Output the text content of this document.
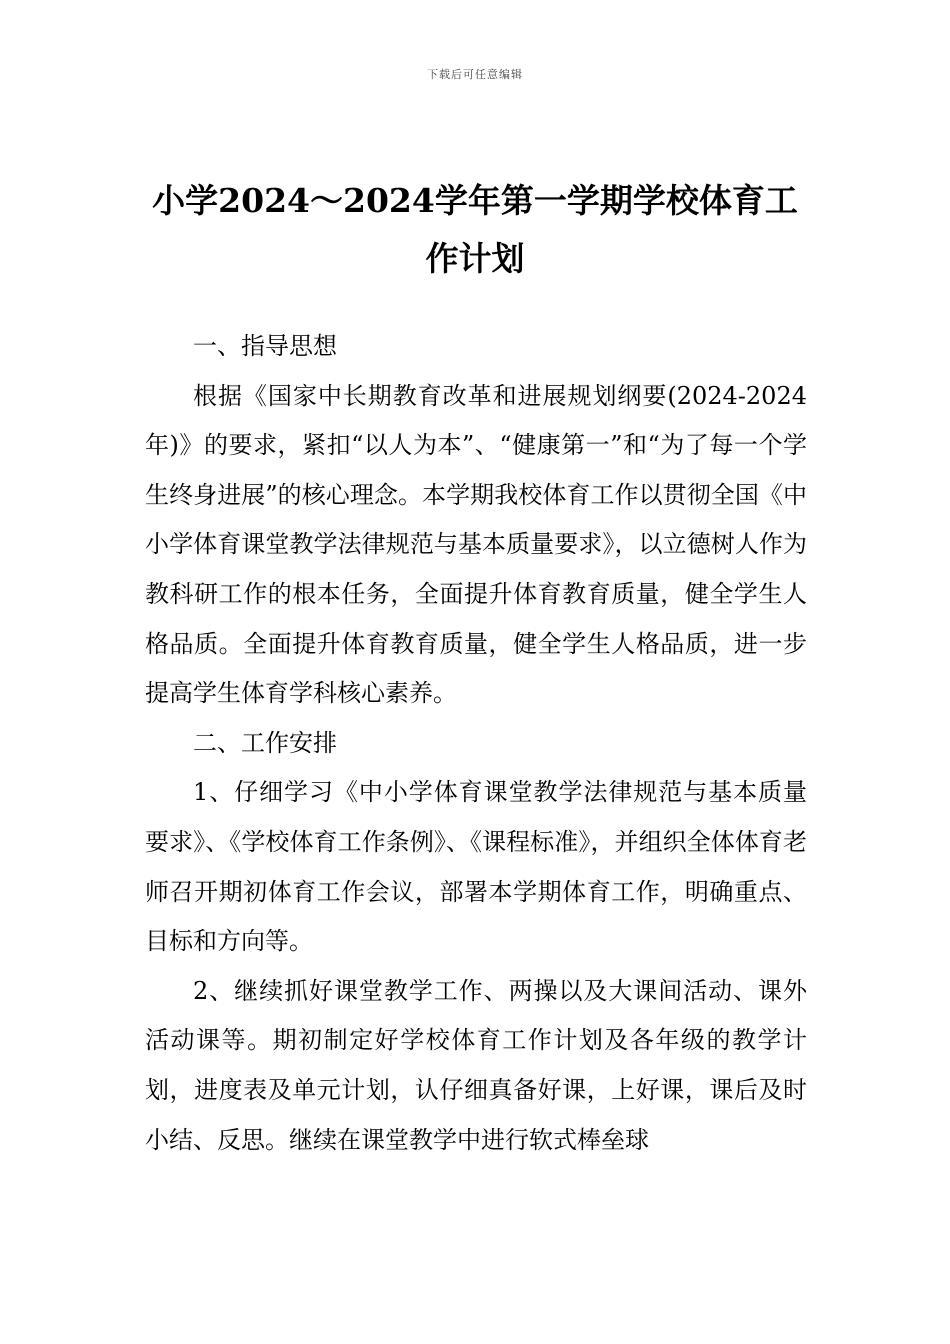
下载后可任意编辑
小学2024～2024学年第一学期学校体育工作计划

一、指导思想

根据《国家中长期教育改革和进展规划纲要(2024-2024年)》的要求，紧扣“以人为本”、“健康第一”和“为了每一个学生终身进展”的核心理念。本学期我校体育工作以贯彻全国《中小学体育课堂教学法律规范与基本质量要求》，以立德树人作为教科研工作的根本任务，全面提升体育教育质量，健全学生人格品质。全面提升体育教育质量，健全学生人格品质，进一步提高学生体育学科核心素养。

二、工作安排

1、仔细学习《中小学体育课堂教学法律规范与基本质量要求》、《学校体育工作条例》、《课程标准》，并组织全体体育老师召开期初体育工作会议，部署本学期体育工作，明确重点、目标和方向等。

2、继续抓好课堂教学工作、两操以及大课间活动、课外活动课等。期初制定好学校体育工作计划及各年级的教学计划，进度表及单元计划，认仔细真备好课，上好课，课后及时小结、反思。继续在课堂教学中进行软式棒垒球
